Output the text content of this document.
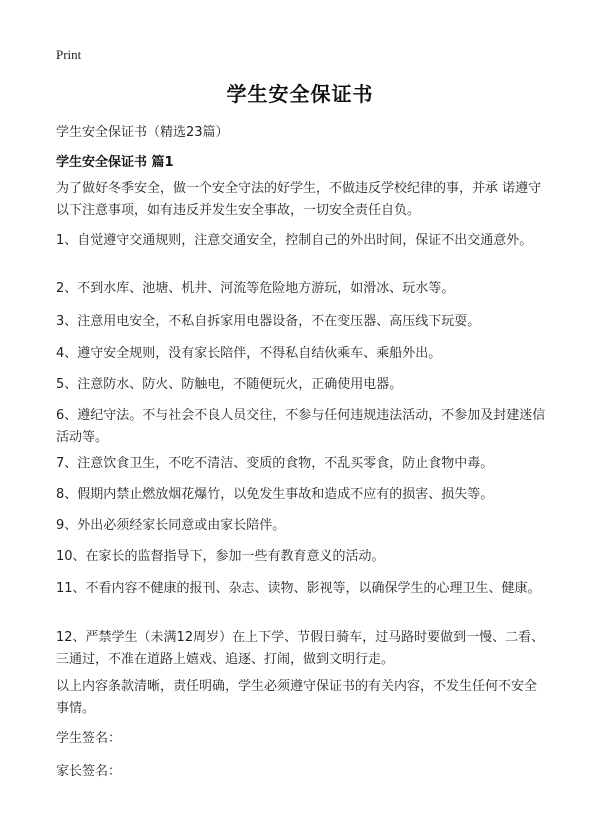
Print
学生安全保证书
学生安全保证书（精选23篇）
学生安全保证书 篇1

为了做好冬季安全，做一个安全守法的好学生，不做违反学校纪律的事，并承 诺遵守以下注意事项，如有违反并发生安全事故，一切安全责任自负。

1、自觉遵守交通规则，注意交通安全，控制自己的外出时间，保证不出交通意外。

2、不到水库、池塘、机井、河流等危险地方游玩，如滑冰、玩水等。

3、注意用电安全，不私自拆家用电器设备，不在变压器、高压线下玩耍。

4、遵守安全规则，没有家长陪伴，不得私自结伙乘车、乘船外出。

5、注意防水、防火、防触电，不随便玩火，正确使用电器。

6、遵纪守法。不与社会不良人员交往，不参与任何违规违法活动，不参加及封建迷信活动等。

7、注意饮食卫生，不吃不清洁、变质的食物，不乱买零食，防止食物中毒。

8、假期内禁止燃放烟花爆竹，以免发生事故和造成不应有的损害、损失等。

9、外出必须经家长同意或由家长陪伴。

10、在家长的监督指导下，参加一些有教育意义的活动。

11、不看内容不健康的报刊、杂志、读物、影视等，以确保学生的心理卫生、健康。

12、严禁学生（未满12周岁）在上下学、节假日骑车，过马路时要做到一慢、二看、三通过，不准在道路上嬉戏、追逐、打闹，做到文明行走。

以上内容条款清晰，责任明确，学生必须遵守保证书的有关内容，不发生任何不安全事情。

学生签名：
家长签名：
